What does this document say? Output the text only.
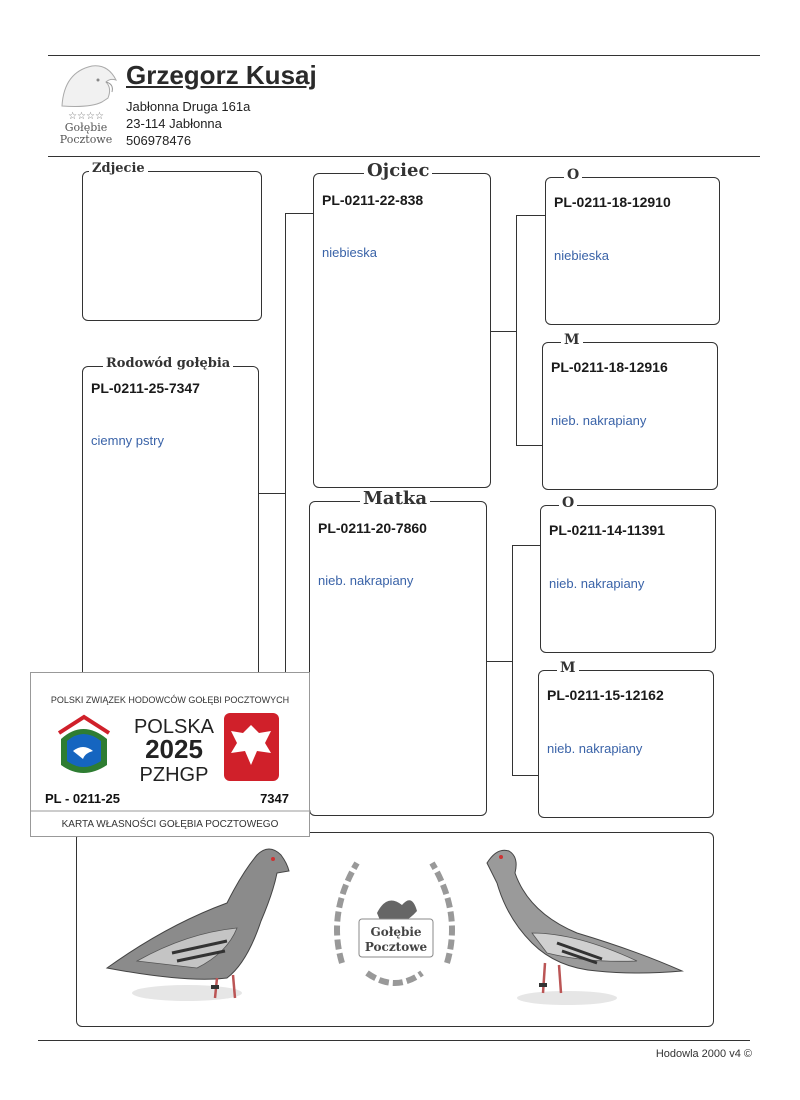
☆☆☆☆
Gołębie
Pocztowe
Grzegorz Kusaj
Jabłonna Druga 161a
23-114 Jabłonna
506978476
Zdjecie
Rodowód gołębia
PL-0211-25-7347
ciemny pstry
Ojciec
PL-0211-22-838
niebieska
Matka
PL-0211-20-7860
nieb. nakrapiany
O
PL-0211-18-12910
niebieska
M
PL-0211-18-12916
nieb. nakrapiany
O
PL-0211-14-11391
nieb. nakrapiany
M
PL-0211-15-12162
nieb. nakrapiany
Gołębie
Pocztowe
POLSKI ZWIĄZEK HODOWCÓW GOŁĘBI POCZTOWYCH
POLSKA
2025
PZHGP
PL - 0211-25	7347
KARTA WŁASNOŚCI GOŁĘBIA POCZTOWEGO
Hodowla 2000 v4 ©
